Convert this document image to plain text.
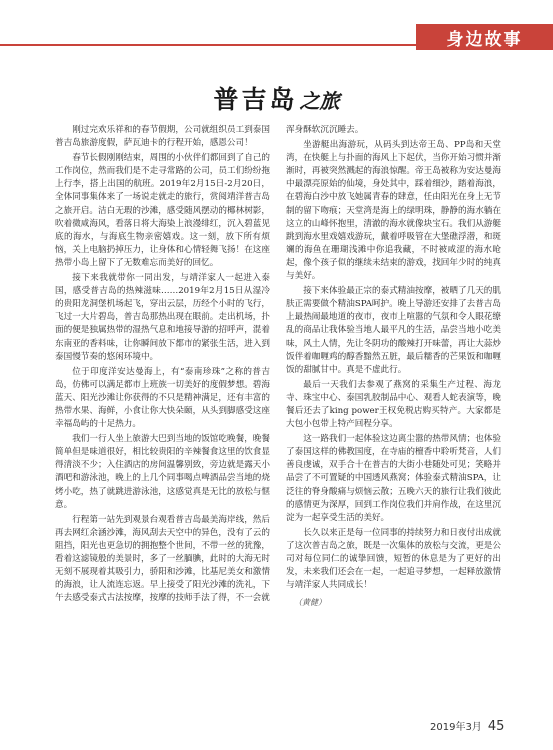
身边故事
普吉岛 之旅

刚过完欢乐祥和的春节假期，公司就组织员工到泰国普吉岛旅游度假，萨瓦迪卡的行程开始，感恩公司！

春节长假刚刚结束，周围的小伙伴们都回到了自己的工作岗位，然而我们是不走寻常路的公司，员工们纷纷拖上行李，搭上出国的航班。2019年2月15日-2月20日，全体同事集体来了一场说走就走的旅行，赏阅靖洋普吉岛之旅开启。洁白无瑕的沙滩，感受随风摆动的椰林树影，吹着微咸海风，看落日将大海染上浪漫绯红，沉入碧蓝见底的海水，与海底生物亲密嬉戏。这一刻，放下所有烦恼，关上电脑扔掉压力，让身体和心情轻舞飞扬！在这座热带小岛上留下了无数难忘而美好的回忆。

接下来我就带你一同出发，与靖洋家人一起进入泰国，感受普吉岛的热辣滋味……2019年2月15日从湿冷的贵阳龙洞堡机场起飞，穿出云层，历经个小时的飞行，飞过一大片碧岛，普吉岛那热出现在眼前。走出机场，扑面的便是独属热带的湿热气息和地接导游的招呼声，混着东南亚的香料味，让你瞬间放下都市的紧张生活，进入到泰国慢节奏的悠闲环境中。

位于印度洋安达曼海上，有“泰南珍珠”之称的普吉岛，仿佛可以满足都市上班族一切美好的度假梦想。碧海蓝天、阳光沙滩让你获得的不只是精神满足，还有丰富的热带水果、海鲜，小食让你大快朵颐，从头到脚感受这座幸福岛屿的十足热力。

我们一行人坐上旅游大巴到当地的饭馆吃晚餐，晚餐简单但是味道很好，相比较贵阳的辛辣餐食这里的饮食显得清淡不少；入住酒店的房间温馨别致，旁边就是露天小酒吧和游泳池，晚上的上几个同事喝点啤酒品尝当地的烧烤小吃，热了就跳进游泳池，这感觉真是无比的放松与惬意。

行程第一站先到观景台观看普吉岛最美海岸线，然后再去网红余涵沙滩，海风刮去天空中的异色，没有了云的阻挡，阳光也更急切的拥抱整个世间，不带一丝的犹豫，看着这滤镜般的美景时，多了一丝腼腆，此时的大海无时无刻不展现着其吸引力，骄阳和沙滩，比基尼美女和激情的海浪，让人流连忘返。早上接受了阳光沙滩的洗礼，下午去感受泰式古法按摩，按摩的技师手法了得，不一会就

浑身酥软沉沉睡去。

坐游艇出海游玩，从码头到达帝王岛、PP岛和天堂湾，在快艇上与扑面的海风上下起伏，当你开始习惯并渐渐时，再被突然溅起的海浪惊醒。帝王岛被称为安达曼海中最漂亮原始的仙境，身处其中，踩着细沙，踏着海浪，在碧海白沙中放飞她属青春的肆意，任由阳光在身上无节制的留下吻痕；天堂湾是海上的绿明珠，静静的海水躺在这立的山峰怀抱里，清澈的海水就像块宝石。我们从游艇跳到海水里戏嬉戏游玩，戴着呼吸管在大堡礁浮潜，和斑斓的海鱼在珊瑚浅滩中你追我藏，不时被咸涩的海水呛起，像个孩子似的继续未结束的游戏，找回年少时的纯真与美好。

接下来体验最正宗的泰式精油按摩，被晒了几天的肌肤正需要做个精油SPA呵护。晚上导游还安排了去普吉岛上最热闹最地道的夜市，夜市上喧嚣的气氛和令人眼花缭乱的商品让我体验当地人最平凡的生活，品尝当地小吃美味，风土人情，先让冬阴功的酸辣打开味蕾，再让大蒜炒饭伴着咖喱鸡的醇香黯然五脏，最后糯香的芒果饭和咖喱饭的甜腻甘中。真是不虚此行。

最后一天我们去参观了燕窝的采集生产过程、海龙寺、珠宝中心、泰国乳胶制品中心、观看人蛇表演等，晚餐后还去了king power王权免税店购买特产。大家都是大包小包带上特产回程分享。

这一路我们一起体验这边离尘嚣的热带风情；也体验了泰国这样的佛教国度，在寺庙的檀香中聆听梵音，人们善良虔诚，双手合十在普吉的大街小巷随处可见；笑略并品尝了不可置疑的中国透风燕窝；体验泰式精油SPA，让泛往的脊身酸痛与烦恼云散；五晚六天的旅行让我们彼此的感情更为深厚，回到工作岗位我们并肩作战，在这里沉淀为一起享受生活的美好。

长久以来正是每一位同事的持续努力和日夜付出成就了这次普吉岛之旅，既是一次集体的放松与交流，更是公司对每位同仁的诚挚回馈，短暂的休息是为了更好的出发，未来我们还会在一起，一起追寻梦想，一起释放激情与靖洋家人共同成长！

（黄健）
2019年3月 45
